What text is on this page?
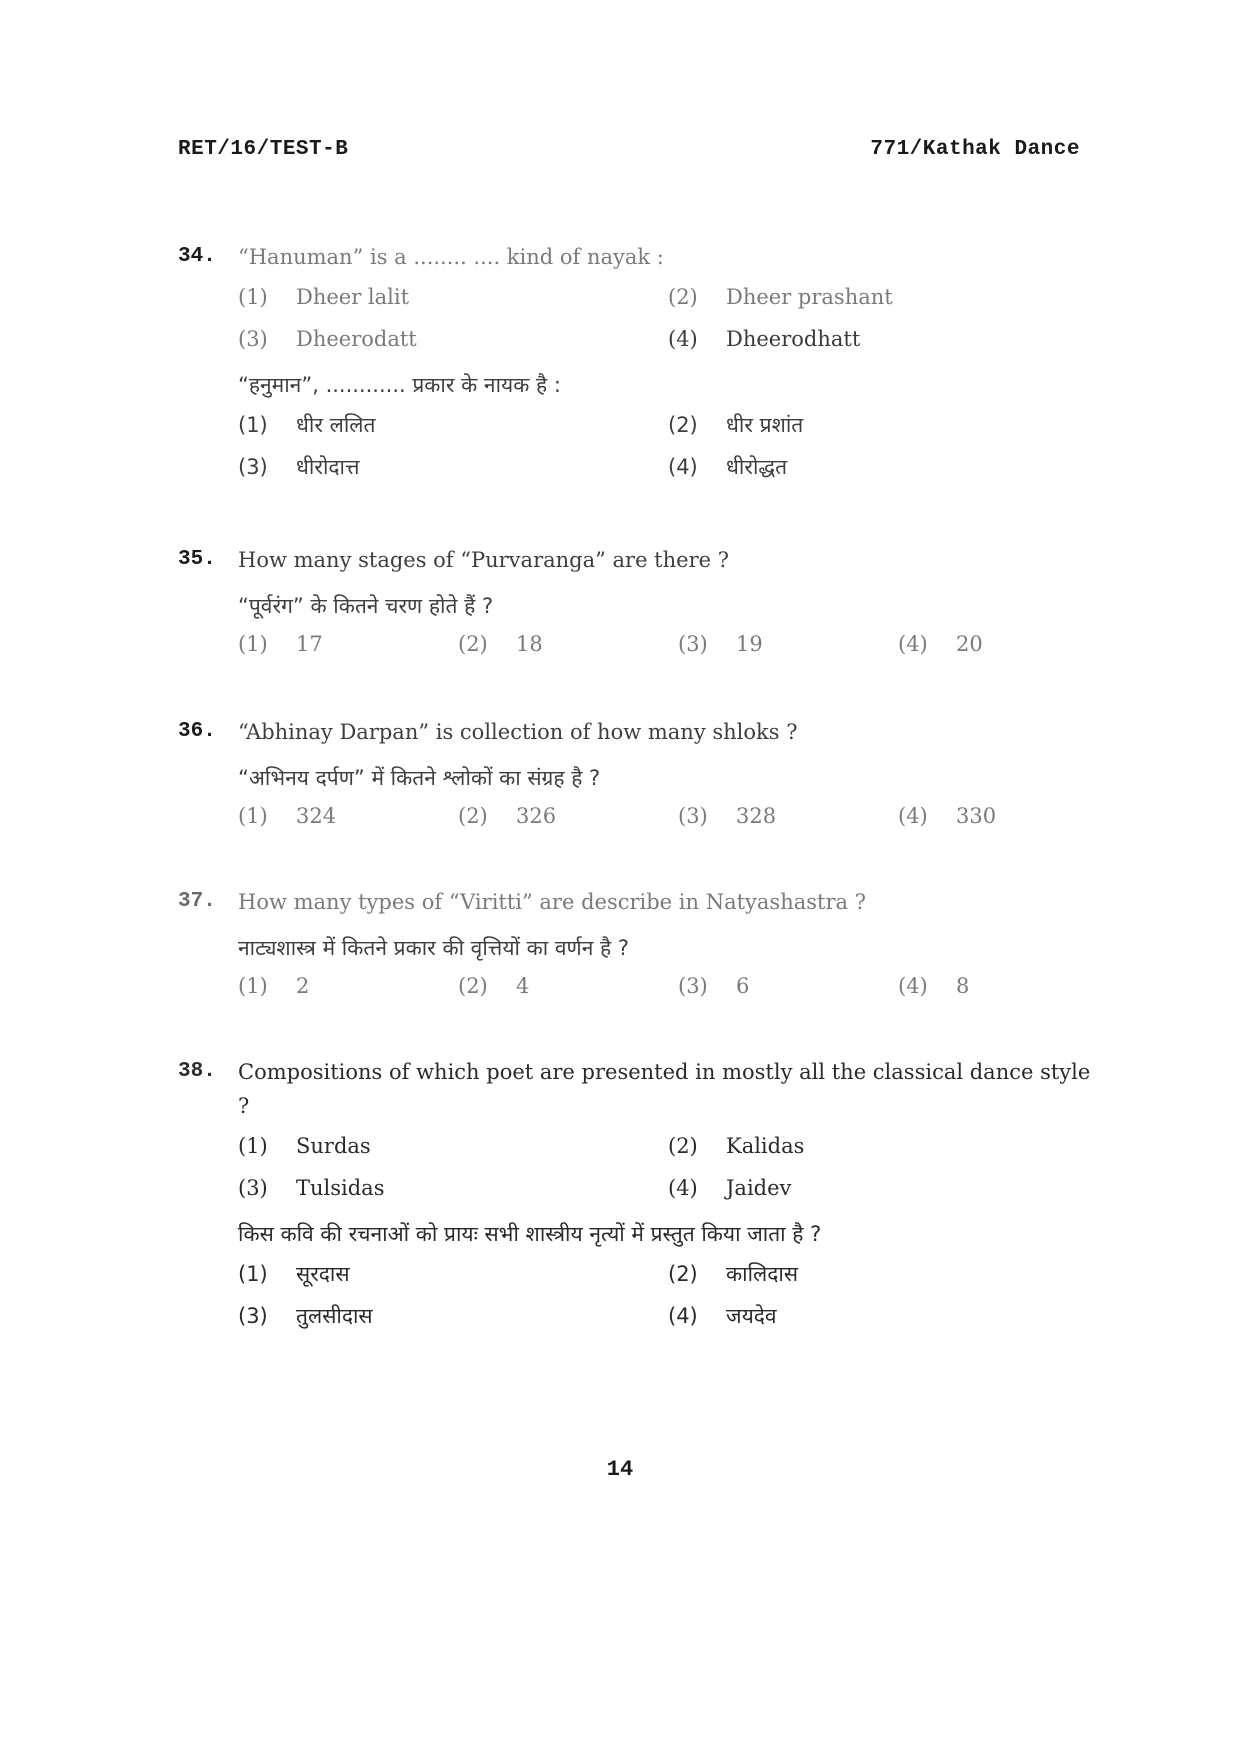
RET/16/TEST-B	771/Kathak Dance
34. “Hanuman” is a ........ .... kind of nayak :
(1) Dheer lalit	(2) Dheer prashant
(3) Dheerodatt	(4) Dheerodhatt
“हनुमान”, ............ प्रकार के नायक है :
(1) धीर ललित	(2) धीर प्रशांत
(3) धीरोदात्त	(4) धीरोद्धत
35. How many stages of “Purvaranga” are there ?
“पूर्वरंग” के कितने चरण होते हैं ?
(1) 17	(2) 18	(3) 19	(4) 20
36. “Abhinay Darpan” is collection of how many shloks ?
“अभिनय दर्पण” में कितने श्लोकों का संग्रह है ?
(1) 324	(2) 326	(3) 328	(4) 330
37. How many types of “Viritti” are describe in Natyashastra ?
नाट्यशास्त्र में कितने प्रकार की वृत्तियों का वर्णन है ?
(1) 2	(2) 4	(3) 6	(4) 8
38. Compositions of which poet are presented in mostly all the classical dance style ?
(1) Surdas	(2) Kalidas
(3) Tulsidas	(4) Jaidev
किस कवि की रचनाओं को प्रायः सभी शास्त्रीय नृत्यों में प्रस्तुत किया जाता है ?
(1) सूरदास	(2) कालिदास
(3) तुलसीदास	(4) जयदेव
14
